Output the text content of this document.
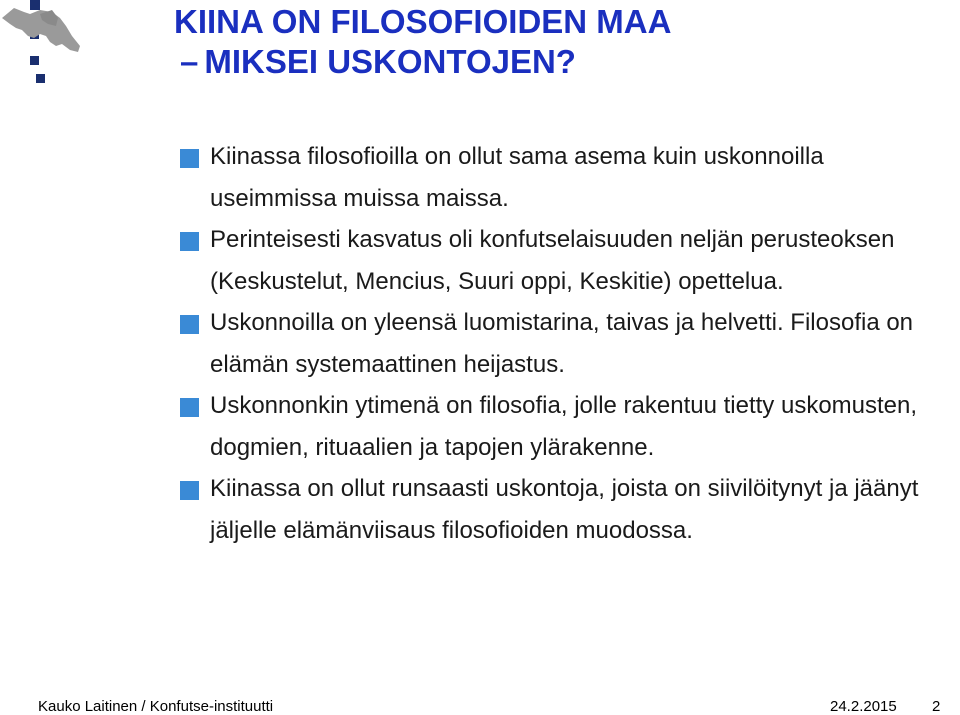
KIINA ON FILOSOFIOIDEN MAA
– MIKSEI USKONTOJEN?
Kiinassa filosofioilla on ollut sama asema kuin uskonnoilla useimmissa muissa maissa.
Perinteisesti kasvatus oli konfutselaisuuden neljän perusteoksen (Keskustelut, Mencius, Suuri oppi, Keskitie) opettelua.
Uskonnoilla on yleensä luomistarina, taivas ja helvetti. Filosofia on elämän systemaattinen heijastus.
Uskonnonkin ytimenä on filosofia, jolle rakentuu tietty uskomusten, dogmien, rituaalien ja tapojen ylärakenne.
Kiinassa on ollut runsaasti uskontoja, joista on siivilöitynyt ja jäänyt jäljelle elämänviisaus filosofioiden muodossa.
Kauko Laitinen / Konfutse-instituutti	24.2.2015 2
